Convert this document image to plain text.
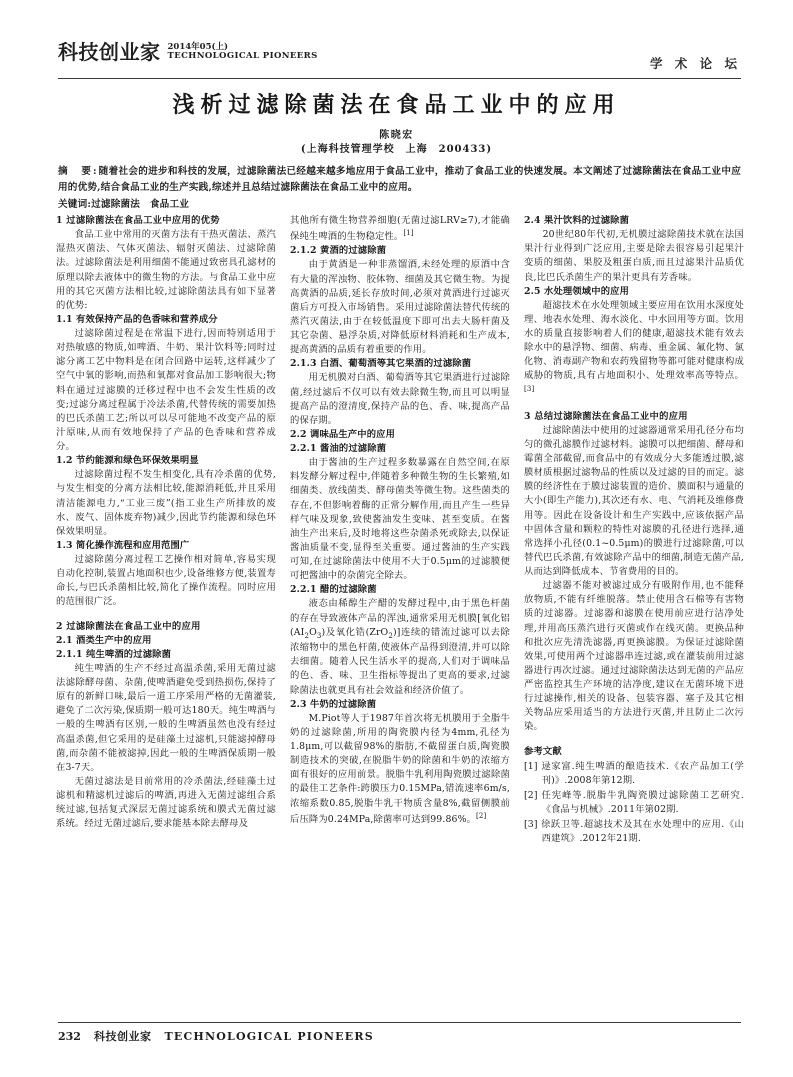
科技创业家 2014年05(上)
TECHNOLOGICAL PIONEERS
学 术 论 坛
浅析过滤除菌法在食品工业中的应用
陈晓宏
(上海科技管理学校　上海　200433)
摘　要:随着社会的进步和科技的发展，过滤除菌法已经越来越多地应用于食品工业中，推动了食品工业的快速发展。本文阐述了过滤除菌法在食品工业中应用的优势,结合食品工业的生产实践,综述并且总结过滤除菌法在食品工业中的应用。
关键词:过滤除菌法　食品工业

1 过滤除菌法在食品工业中应用的优势

食品工业中常用的灭菌方法有干热灭菌法、蒸汽湿热灭菌法、气体灭菌法、辐射灭菌法、过滤除菌法。过滤除菌法是利用细菌不能通过致密具孔滤材的原理以除去液体中的微生物的方法。与食品工业中应用的其它灭菌方法相比较,过滤除菌法具有如下显著的优势:

1.1 有效保持产品的色香味和营养成分

过滤除菌过程是在常温下进行,因而特别适用于对热敏感的物质,如啤酒、牛奶、果汁饮料等;同时过滤分离工艺中物料是在闭合回路中运转,这样减少了空气中氧的影响,而热和氧都对食品加工影响很大;物料在通过过滤膜的迁移过程中也不会发生性质的改变;过滤分离过程属于冷法杀菌,代替传统的需要加热的巴氏杀菌工艺;所以可以尽可能地不改变产品的原汁原味,从而有效地保持了产品的色香味和营养成分。

1.2 节约能源和绿色环保效果明显

过滤除菌过程不发生相变化,具有冷杀菌的优势,与发生相变的分离方法相比较,能源消耗低,并且采用清洁能源电力,“工业三废”(指工业生产所排放的废水、废气、固体废弃物)减少,因此节约能源和绿色环保效果明显。

1.3 简化操作流程和应用范围广

过滤除菌分离过程工艺操作相对简单,容易实现自动化控制,装置占地面积也少,设备维修方便,装置寿命长,与巴氏杀菌相比较,简化了操作流程。同时应用的范围很广泛。

2 过滤除菌法在食品工业中的应用

2.1 酒类生产中的应用

2.1.1 纯生啤酒的过滤除菌

纯生啤酒的生产不经过高温杀菌,采用无菌过滤法滤除酵母菌、杂菌,使啤酒避免受到热损伤,保持了原有的新鲜口味,最后一道工序采用严格的无菌灌装,避免了二次污染,保质期一般可达180天。纯生啤酒与一般的生啤酒有区别,一般的生啤酒虽然也没有经过高温杀菌,但它采用的是硅藻土过滤机,只能滤掉酵母菌,而杂菌不能被滤掉,因此一般的生啤酒保质期一般在3-7天。

无菌过滤法是目前常用的冷杀菌法,经硅藻土过滤机和精滤机过滤后的啤酒,再进入无菌过滤组合系统过滤,包括复式深层无菌过滤系统和膜式无菌过滤系统。经过无菌过滤后,要求能基本除去酵母及

其他所有微生物营养细胞(无菌过滤LRV≥7),才能确保纯生啤酒的生物稳定性。[1]

2.1.2 黄酒的过滤除菌

由于黄酒是一种非蒸馏酒,未经处理的原酒中含有大量的浑浊物、胶体物、细菌及其它微生物。为提高黄酒的品质,延长存放时间,必须对黄酒进行过滤灭菌后方可投入市场销售。采用过滤除菌法替代传统的蒸汽灭菌法,由于在较低温度下即可出去大肠杆菌及其它杂菌、悬浮杂质,对降低原材料消耗和生产成本,提高黄酒的品质有着重要的作用。

2.1.3 白酒、葡萄酒等其它果酒的过滤除菌

用无机膜对白酒、葡萄酒等其它果酒进行过滤除菌,经过滤后不仅可以有效去除微生物,而且可以明显提高产品的澄清度,保持产品的色、香、味,提高产品的保存期。

2.2 调味品生产中的应用

2.2.1 酱油的过滤除菌

由于酱油的生产过程多数暴露在自然空间,在原料发酵分解过程中,伴随着多种微生物的生长繁殖,如细菌类、放线菌类、酵母菌类等微生物。这些菌类的存在,不但影响着酶的正常分解作用,而且产生一些异样气味及现象,致使酱油发生变味、甚至变质。在酱油生产出来后,及时地将这些杂菌杀死或除去,以保证酱油质量不变,显得至关重要。通过酱油的生产实践可知,在过滤除菌法中使用不大于0.5μm的过滤膜便可把酱油中的杂菌完全除去。

2.2.1 醋的过滤除菌

液态由稀醇生产醋的发酵过程中,由于黑色杆菌的存在导致液体产品的浑浊,通常采用无机膜[氧化铝$(AI_2O_3)$及氧化锆(ZrO$_2$)]连续的错流过滤可以去除浓缩物中的黑色杆菌,使液体产品得到澄清,并可以除去细菌。随着人民生活水平的提高,人们对于调味品的色、香、味、卫生指标等提出了更高的要求,过滤除菌法也就更具有社会效益和经济价值了。

2.3 牛奶的过滤除菌

M.Piot等人于1987年首次将无机膜用于全脂牛奶的过滤除菌,所用的陶瓷膜内径为4mm,孔径为1.8μm,可以截留98%的脂肪,不截留蛋白质,陶瓷膜制造技术的突破,在脱脂牛奶的除菌和牛奶的浓缩方面有很好的应用前景。脱脂牛乳利用陶瓷膜过滤除菌的最佳工艺条件:跨膜压力0.15MPa,错流速率6m/s,浓缩系数0.85,脱脂牛乳干物质含量8%,截留侧膜前后压降为0.24MPa,除菌率可达到99.86%。[2]

2.4 果汁饮料的过滤除菌

20世纪80年代初,无机膜过滤除菌技术就在法国果汁行业得到广泛应用,主要是除去很容易引起果汁变质的细菌、果胶及粗蛋白质,而且过滤果汁品质优良,比巴氏杀菌生产的果汁更具有芳香味。

2.5 水处理领域中的应用

超滤技术在水处理领域主要应用在饮用水深度处理、地表水处理、海水淡化、中水回用等方面。饮用水的质量直接影响着人们的健康,超滤技术能有效去除水中的悬浮物、细菌、病毒、重金属、氟化物、氯化物、消毒副产物和农药残留物等都可能对健康构成威胁的物质,具有占地面积小、处理效率高等特点。[3]

3 总结过滤除菌法在食品工业中的应用

过滤除菌法中使用的过滤器通常采用孔径分布均匀的微孔滤膜作过滤材料。滤膜可以把细菌、酵母和霉菌全部截留,而食品中的有效成分大多能透过膜,滤膜材质根据过滤物品的性质以及过滤的目的而定。滤膜的经济性在于膜过滤装置的造价、膜面积与通量的大小(即生产能力),其次还有水、电、气消耗及维修费用等。因此在设备设计和生产实践中,应该依据产品中固体含量和颗粒的特性对滤膜的孔径进行选择,通常选择小孔径(0.1~0.5μm)的膜进行过滤除菌,可以替代巴氏杀菌,有效滤除产品中的细菌,制造无菌产品,从而达到降低成本、节省费用的目的。

过滤器不能对被滤过成分有吸附作用,也不能释放物质,不能有纤维脱落。禁止使用含石棉等有害物质的过滤器。过滤器和滤膜在使用前应进行洁净处理,并用高压蒸汽进行灭菌或作在线灭菌。更换品种和批次应先清洗滤器,再更换滤膜。为保证过滤除菌效果,可使用两个过滤器串连过滤,或在灌装前用过滤器进行再次过滤。通过过滤除菌法达到无菌的产品应严密监控其生产环境的洁净度,建议在无菌环境下进行过滤操作,相关的设备、包装容器、塞子及其它相关物品应采用适当的方法进行灭菌,并且防止二次污染。

参考文献

[1] 逯家富.纯生啤酒的酿造技术.《农产品加工(学刊)》.2008年第12期.

[2] 任宪峰等.脱脂牛乳陶瓷膜过滤除菌工艺研究.《食品与机械》.2011年第02期.

[3] 徐跃卫等.超滤技术及其在水处理中的应用.《山西建筑》.2012年21期.

232 科技创业家 TECHNOLOGICAL PIONEERS
